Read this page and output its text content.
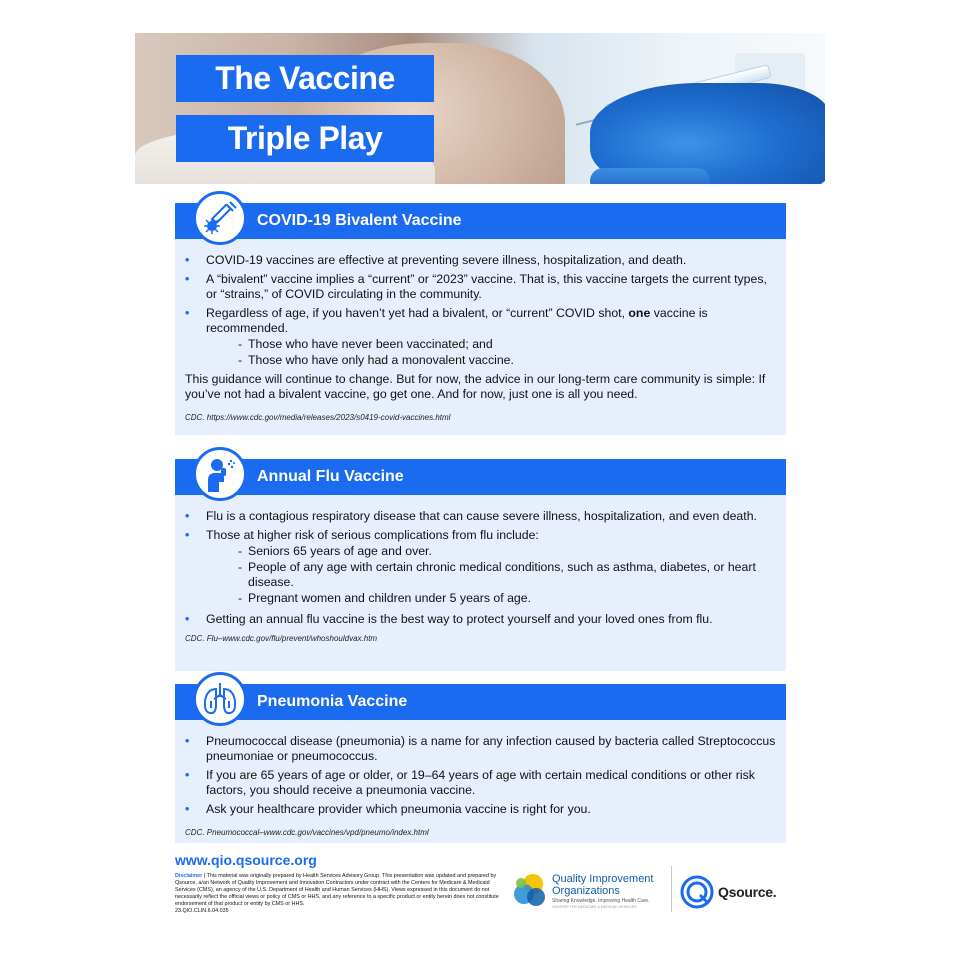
The Vaccine
Triple Play
COVID-19 Bivalent Vaccine
• COVID-19 vaccines are effective at preventing severe illness, hospitalization, and death.
• A “bivalent” vaccine implies a “current” or “2023” vaccine. That is, this vaccine targets the current types, or “strains,” of COVID circulating in the community.
• Regardless of age, if you haven’t yet had a bivalent, or “current” COVID shot, one vaccine is recommended.
- Those who have never been vaccinated; and
- Those who have only had a monovalent vaccine.

This guidance will continue to change. But for now, the advice in our long-term care community is simple: If you’ve not had a bivalent vaccine, go get one. And for now, just one is all you need.

CDC. https://www.cdc.gov/media/releases/2023/s0419-covid-vaccines.html

Annual Flu Vaccine
• Flu is a contagious respiratory disease that can cause severe illness, hospitalization, and even death.
• Those at higher risk of serious complications from flu include:
- Seniors 65 years of age and over.
- People of any age with certain chronic medical conditions, such as asthma, diabetes, or heart disease.
- Pregnant women and children under 5 years of age.
• Getting an annual flu vaccine is the best way to protect yourself and your loved ones from flu.

CDC. Flu–www.cdc.gov/flu/prevent/whoshouldvax.htm

Pneumonia Vaccine
• Pneumococcal disease (pneumonia) is a name for any infection caused by bacteria called Streptococcus pneumoniae or pneumococcus.
• If you are 65 years of age or older, or 19–64 years of age with certain medical conditions or other risk factors, you should receive a pneumonia vaccine.
• Ask your healthcare provider which pneumonia vaccine is right for you.

CDC. Pneumococcal–www.cdc.gov/vaccines/vpd/pneumo/index.html

www.qio.qsource.org
Disclaimer | This material was originally prepared by Health Services Advisory Group. This presentation was updated and prepared by Qsource, a/an Network of Quality Improvement and Innovation Contractors under contract with the Centers for Medicare & Medicaid Services (CMS), an agency of the U.S. Department of Health and Human Services (HHS). Views expressed in this document do not necessarily reflect the official views or policy of CMS or HHS, and any reference to a specific product or entity herein does not constitute endorsement of that product or entity by CMS or HHS.
23.QIO.CLIN.6.04.035
Quality Improvement
Organizations
Sharing Knowledge. Improving Health Care.
CENTERS FOR MEDICARE & MEDICAID SERVICES
Qsource.
